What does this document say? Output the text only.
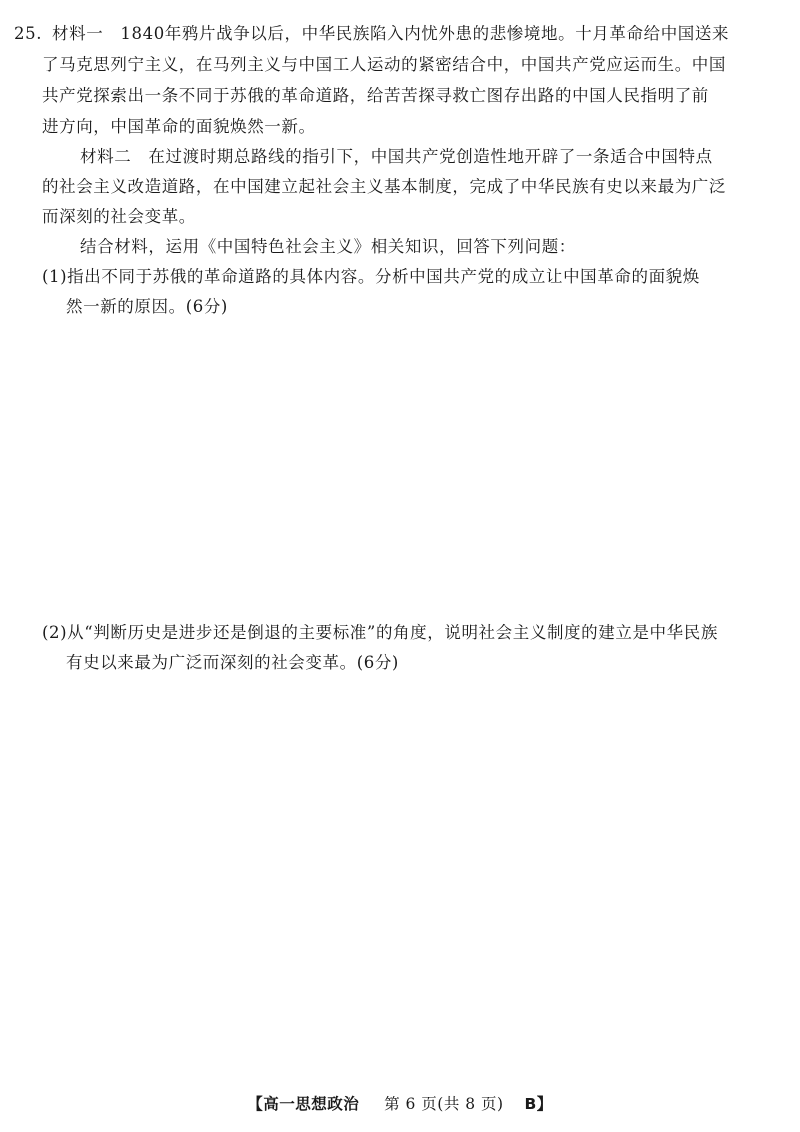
25. 材料一　1840年鸦片战争以后，中华民族陷入内忧外患的悲惨境地。十月革命给中国送来
了马克思列宁主义，在马列主义与中国工人运动的紧密结合中，中国共产党应运而生。中国
共产党探索出一条不同于苏俄的革命道路，给苦苦探寻救亡图存出路的中国人民指明了前
进方向，中国革命的面貌焕然一新。
材料二　在过渡时期总路线的指引下，中国共产党创造性地开辟了一条适合中国特点
的社会主义改造道路，在中国建立起社会主义基本制度，完成了中华民族有史以来最为广泛
而深刻的社会变革。
结合材料，运用《中国特色社会主义》相关知识，回答下列问题：
(1)指出不同于苏俄的革命道路的具体内容。分析中国共产党的成立让中国革命的面貌焕
然一新的原因。(6分)
(2)从“判断历史是进步还是倒退的主要标准”的角度，说明社会主义制度的建立是中华民族
有史以来最为广泛而深刻的社会变革。(6分)
【高一思想政治 第 6 页(共 8 页) B】
